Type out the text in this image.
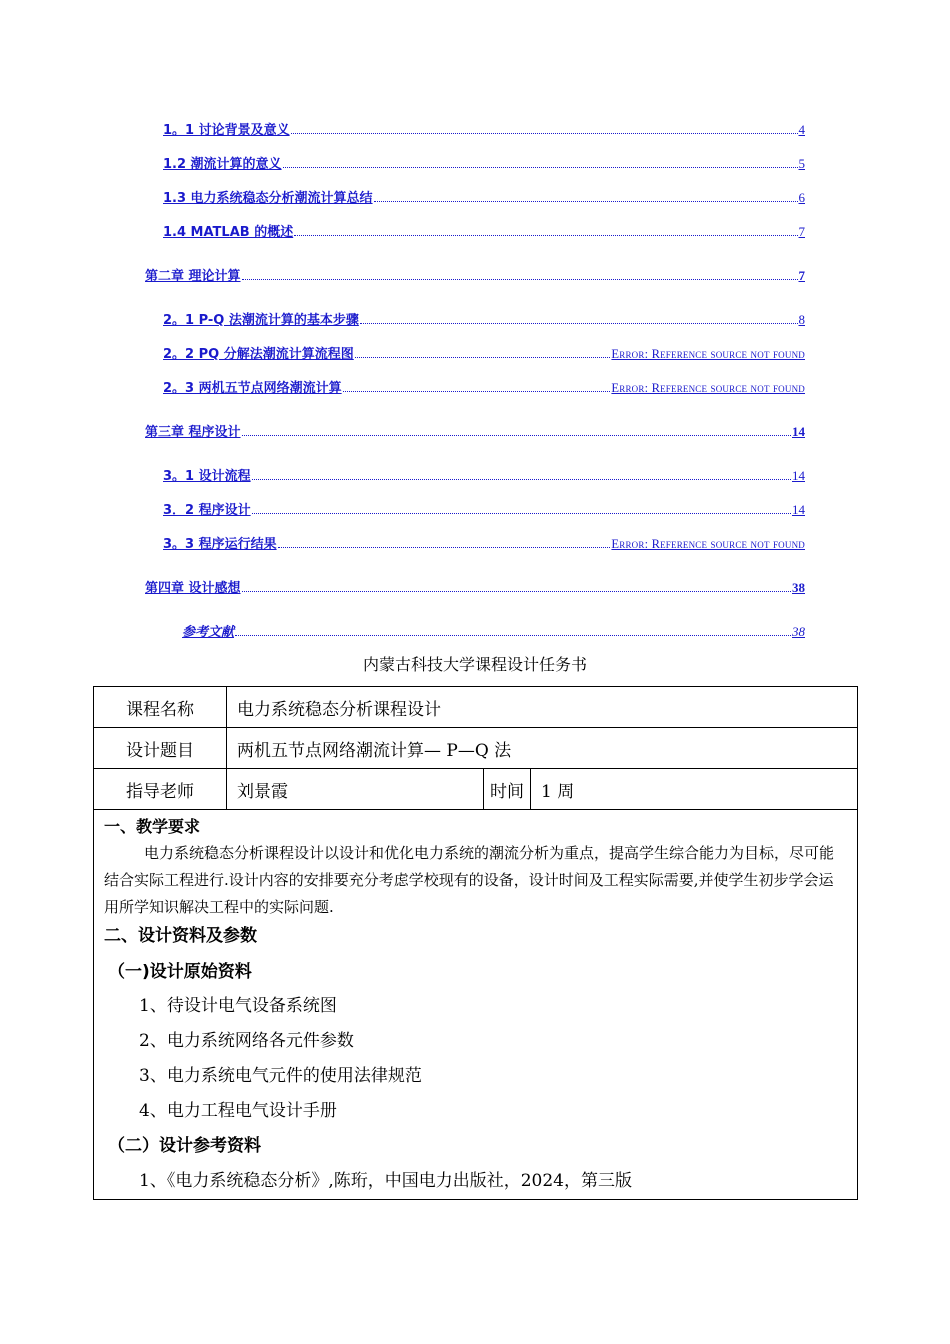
1。1 讨论背景及意义	4
1.2 潮流计算的意义	5
1.3 电力系统稳态分析潮流计算总结	6
1.4 MATLAB 的概述	7
第二章 理论计算	7
2。1 P-Q 法潮流计算的基本步骤	8
2。2 PQ 分解法潮流计算流程图	Error: Reference source not found
2。3 两机五节点网络潮流计算	Error: Reference source not found
第三章 程序设计	14
3。1 设计流程	14
3．2 程序设计	14
3。3 程序运行结果	Error: Reference source not found
第四章 设计感想	38
参考文献	38
内蒙古科技大学课程设计任务书
课程名称	电力系统稳态分析课程设计		
设计题目	两机五节点网络潮流计算— P—Q 法		
指导老师	刘景霞	时间	1 周
一、教学要求
电力系统稳态分析课程设计以设计和优化电力系统的潮流分析为重点，提高学生综合能力为目标，尽可能结合实际工程进行.设计内容的安排要充分考虑学校现有的设备，设计时间及工程实际需要,并使学生初步学会运用所学知识解决工程中的实际问题.
二、设计资料及参数
（一)设计原始资料
1、待设计电气设备系统图
2、电力系统网络各元件参数
3、电力系统电气元件的使用法律规范
4、电力工程电气设计手册
（二）设计参考资料
1、《电力系统稳态分析》,陈珩，中国电力出版社，2024，第三版
